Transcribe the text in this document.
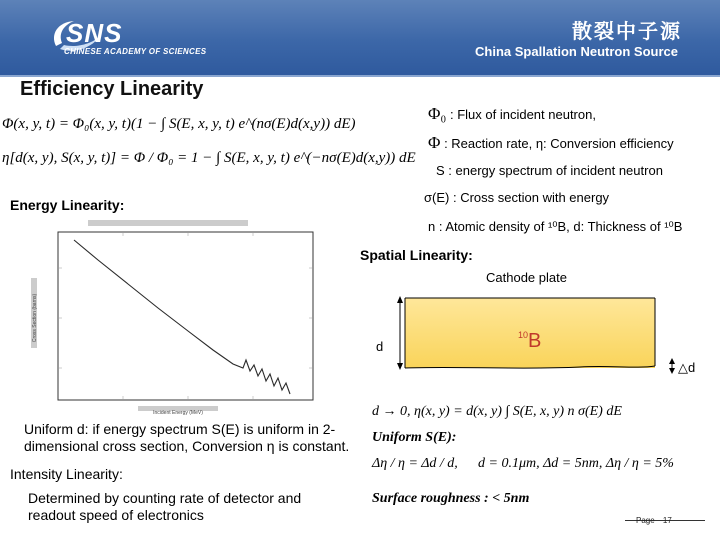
SNS
CHINESE ACADEMY OF SCIENCES
散裂中子源
China Spallation Neutron Source
Efficiency Linearity
Φ(x, y, t) = Φ₀(x, y, t)(1 − ∫ S(E, x, y, t) e^(nσ(E)d(x,y)) dE)
η[d(x, y), S(x, y, t)] = Φ / Φ₀ = 1 − ∫ S(E, x, y, t) e^(−nσ(E)d(x,y)) dE
Φ₀ : Flux of incident neutron,
Φ : Reaction rate, η: Conversion efficiency
S : energy spectrum of incident neutron
σ(E) : Cross section with energy
n : Atomic density of ¹⁰B, d: Thickness of ¹⁰B
Energy Linearity:
Incident Energy (MeV)
Cross Section (barns)
Spatial Linearity:
Cathode plate
d
$^{10}$B
△d
Uniform d: if energy spectrum S(E) is uniform in 2-dimensional cross section, Conversion η is constant.
Intensity Linearity:
Determined by counting rate of detector and readout speed of electronics
d → 0, η(x, y) = d(x, y) ∫ S(E, x, y) n σ(E) dE
Uniform S(E):
Δη / η = Δd / d, d = 0.1μm, Δd = 5nm, Δη / η = 5%
Surface roughness : < 5nm
Page 17
